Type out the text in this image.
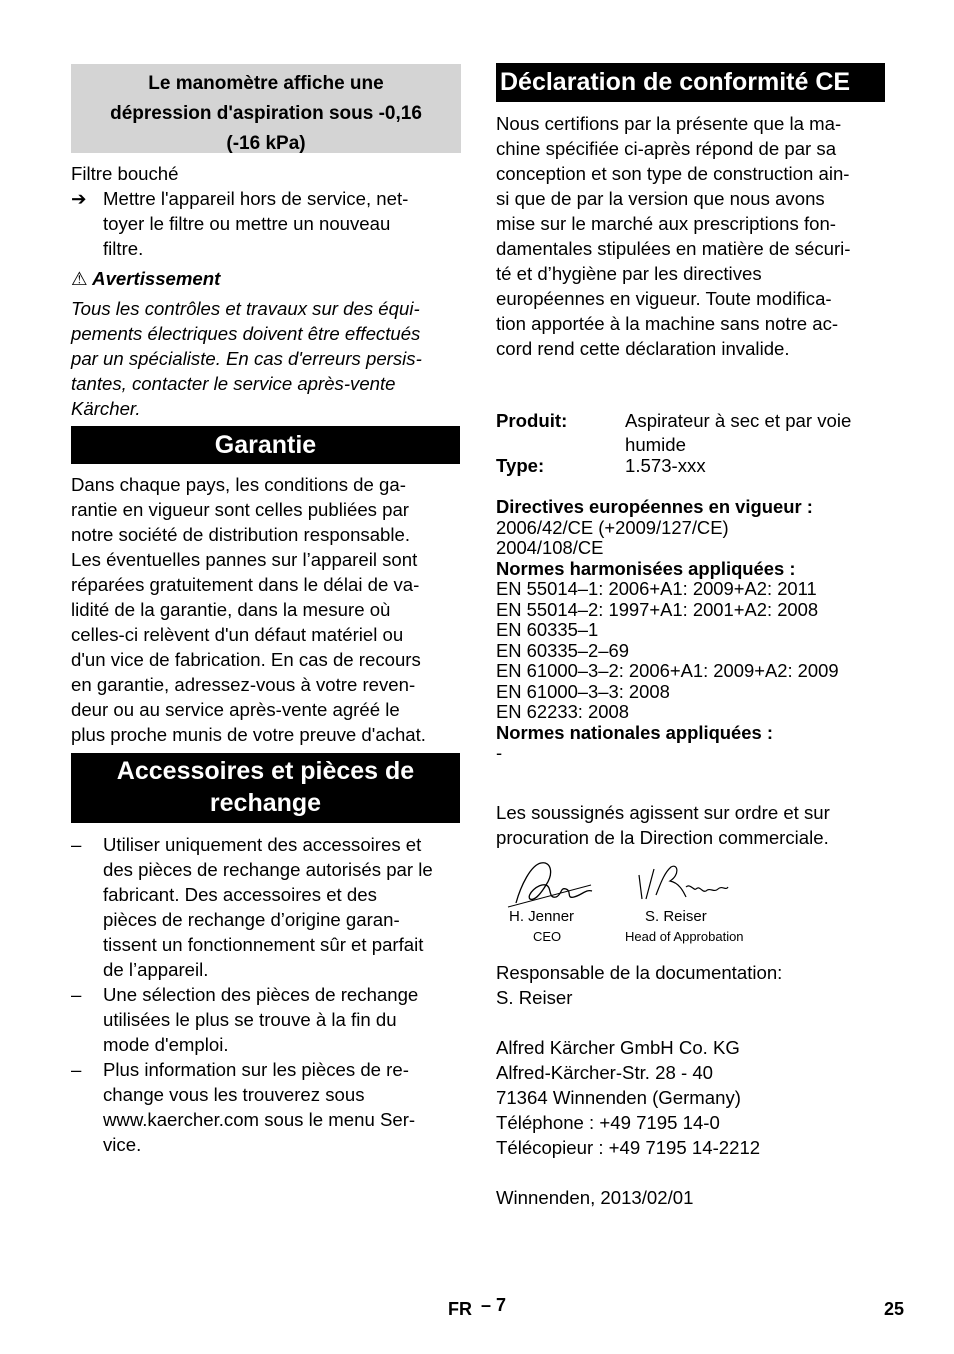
Le manomètre affiche une
dépression d'aspiration sous -0,16
(-16 kPa)
Filtre bouché
➔ Mettre l'appareil hors de service, net-
toyer le filtre ou mettre un nouveau
filtre.
⚠ Avertissement
Tous les contrôles et travaux sur des équi-
pements électriques doivent être effectués
par un spécialiste. En cas d'erreurs persis-
tantes, contacter le service après-vente
Kärcher.
Garantie
Dans chaque pays, les conditions de ga-
rantie en vigueur sont celles publiées par
notre société de distribution responsable.
Les éventuelles pannes sur l’appareil sont
réparées gratuitement dans le délai de va-
lidité de la garantie, dans la mesure où
celles-ci relèvent d'un défaut matériel ou
d'un vice de fabrication. En cas de recours
en garantie, adressez-vous à votre reven-
deur ou au service après-vente agréé le
plus proche munis de votre preuve d'achat.
Accessoires et pièces de
rechange
– Utiliser uniquement des accessoires et
des pièces de rechange autorisés par le
fabricant. Des accessoires et des
pièces de rechange d’origine garan-
tissent un fonctionnement sûr et parfait
de l’appareil.
– Une sélection des pièces de rechange
utilisées le plus se trouve à la fin du
mode d'emploi.
– Plus information sur les pièces de re-
change vous les trouverez sous
www.kaercher.com sous le menu Ser-
vice.
Déclaration de conformité CE
Nous certifions par la présente que la ma-
chine spécifiée ci-après répond de par sa
conception et son type de construction ain-
si que de par la version que nous avons
mise sur le marché aux prescriptions fon-
damentales stipulées en matière de sécuri-
té et d’hygiène par les directives
européennes en vigueur. Toute modifica-
tion apportée à la machine sans notre ac-
cord rend cette déclaration invalide.
Produit:	Aspirateur à sec et par voie
humide
Type:	1.573-xxx
Directives européennes en vigueur :
2006/42/CE (+2009/127/CE)
2004/108/CE
Normes harmonisées appliquées :
EN 55014–1: 2006+A1: 2009+A2: 2011
EN 55014–2: 1997+A1: 2001+A2: 2008
EN 60335–1
EN 60335–2–69
EN 61000–3–2: 2006+A1: 2009+A2: 2009
EN 61000–3–3: 2008
EN 62233: 2008
Normes nationales appliquées :
-
Les soussignés agissent sur ordre et sur
procuration de la Direction commerciale.
H. Jenner
CEO
S. Reiser
Head of Approbation
Responsable de la documentation:
S. Reiser
Alfred Kärcher GmbH Co. KG
Alfred-Kärcher-Str. 28 - 40
71364 Winnenden (Germany)
Téléphone : +49 7195 14-0
Télécopieur : +49 7195 14-2212
Winnenden, 2013/02/01
FR – 7	25
